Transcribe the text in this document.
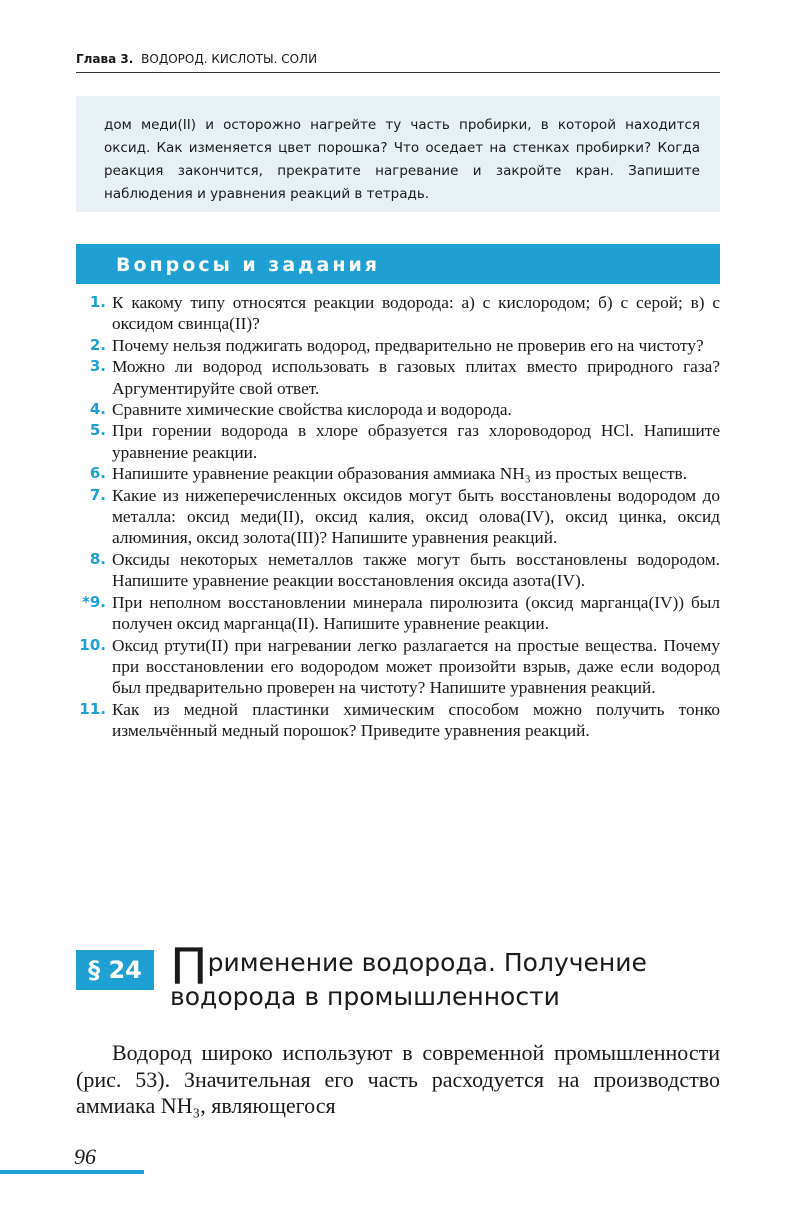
Глава 3. ВОДОРОД. КИСЛОТЫ. СОЛИ
дом меди(II) и осторожно нагрейте ту часть пробирки, в которой находится оксид. Как изменяется цвет порошка? Что оседает на стенках пробирки? Когда реакция закончится, прекратите нагревание и закройте кран. Запишите наблюдения и уравнения реакций в тетрадь.
Вопросы и задания
1. К какому типу относятся реакции водорода: а) с кислородом; б) с серой; в) с оксидом свинца(II)?
2. Почему нельзя поджигать водород, предварительно не проверив его на чистоту?
3. Можно ли водород использовать в газовых плитах вместо природного газа? Аргументируйте свой ответ.
4. Сравните химические свойства кислорода и водорода.
5. При горении водорода в хлоре образуется газ хлороводород HCl. Напишите уравнение реакции.
6. Напишите уравнение реакции образования аммиака NH₃ из простых веществ.
7. Какие из нижеперечисленных оксидов могут быть восстановлены водородом до металла: оксид меди(II), оксид калия, оксид олова(IV), оксид цинка, оксид алюминия, оксид золота(III)? Напишите уравнения реакций.
8. Оксиды некоторых неметаллов также могут быть восстановлены водородом. Напишите уравнение реакции восстановления оксида азота(IV).
*9. При неполном восстановлении минерала пиролюзита (оксид марганца(IV)) был получен оксид марганца(II). Напишите уравнение реакции.
10. Оксид ртути(II) при нагревании легко разлагается на простые вещества. Почему при восстановлении его водородом может произойти взрыв, даже если водород был предварительно проверен на чистоту? Напишите уравнения реакций.
11. Как из медной пластинки химическим способом можно получить тонко измельчённый медный порошок? Приведите уравнения реакций.
§ 24 Применение водорода. Получение водорода в промышленности
Водород широко используют в современной промышленности (рис. 53). Значительная его часть расходуется на производство аммиака NH₃, являющегося
96
